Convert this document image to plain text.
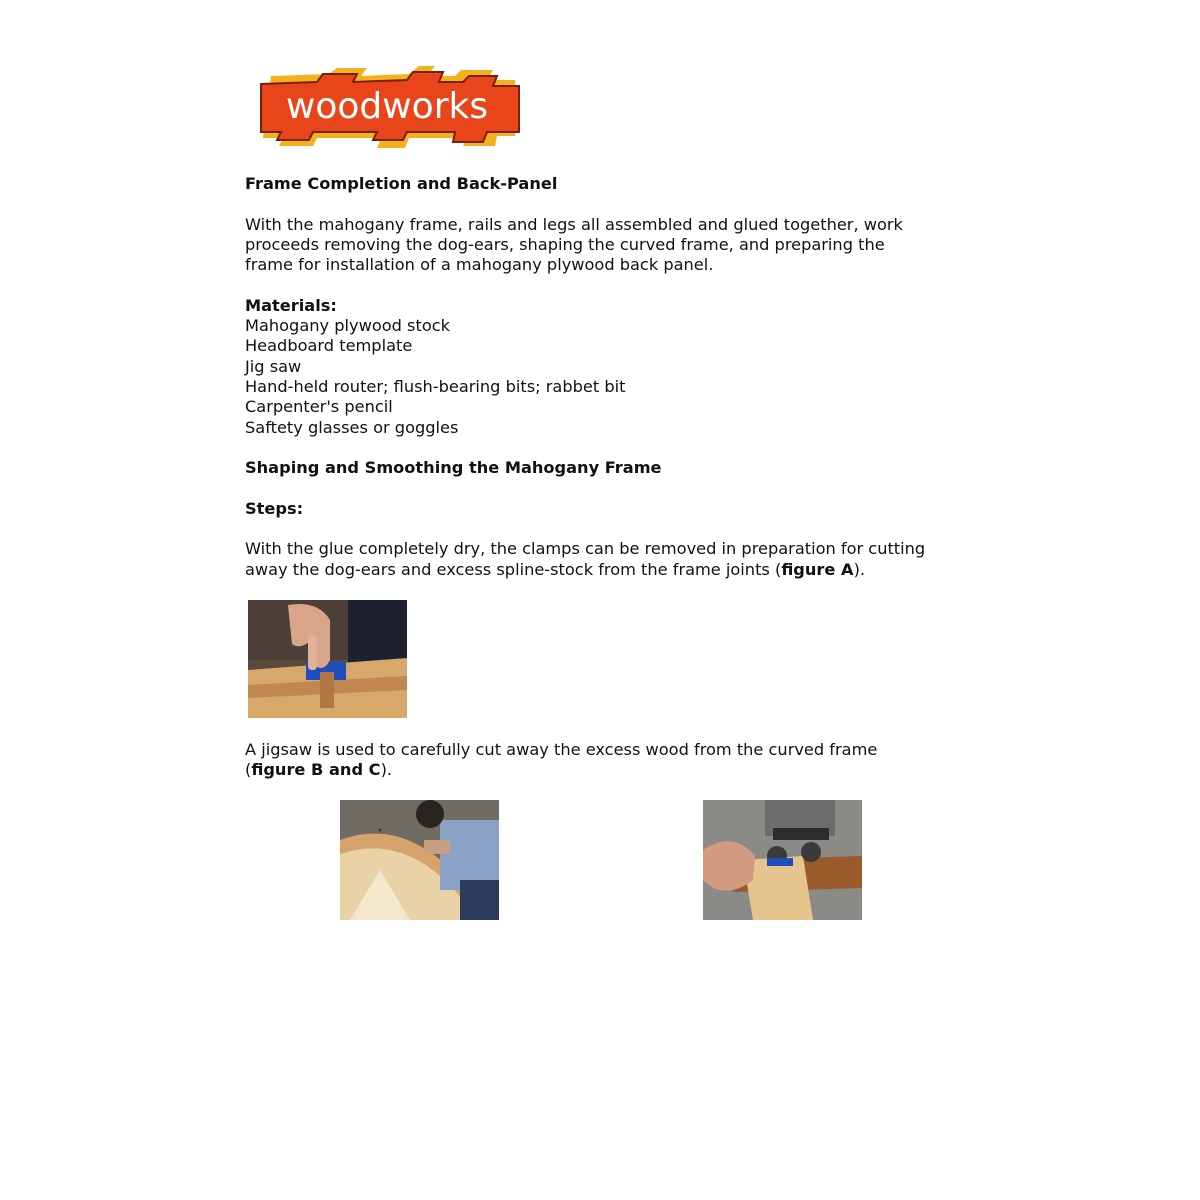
woodworks

Frame Completion and Back-Panel

With the mahogany frame, rails and legs all assembled and glued together, work
proceeds removing the dog-ears, shaping the curved frame, and preparing the
frame for installation of a mahogany plywood back panel.

Materials:

Mahogany plywood stock
Headboard template
Jig saw
Hand-held router; flush-bearing bits; rabbet bit
Carpenter's pencil
Saftety glasses or goggles

Shaping and Smoothing the Mahogany Frame

Steps:

With the glue completely dry, the clamps can be removed in preparation for cutting
away the dog-ears and excess spline-stock from the frame joints (figure A).

A jigsaw is used to carefully cut away the excess wood from the curved frame
(figure B and C).
